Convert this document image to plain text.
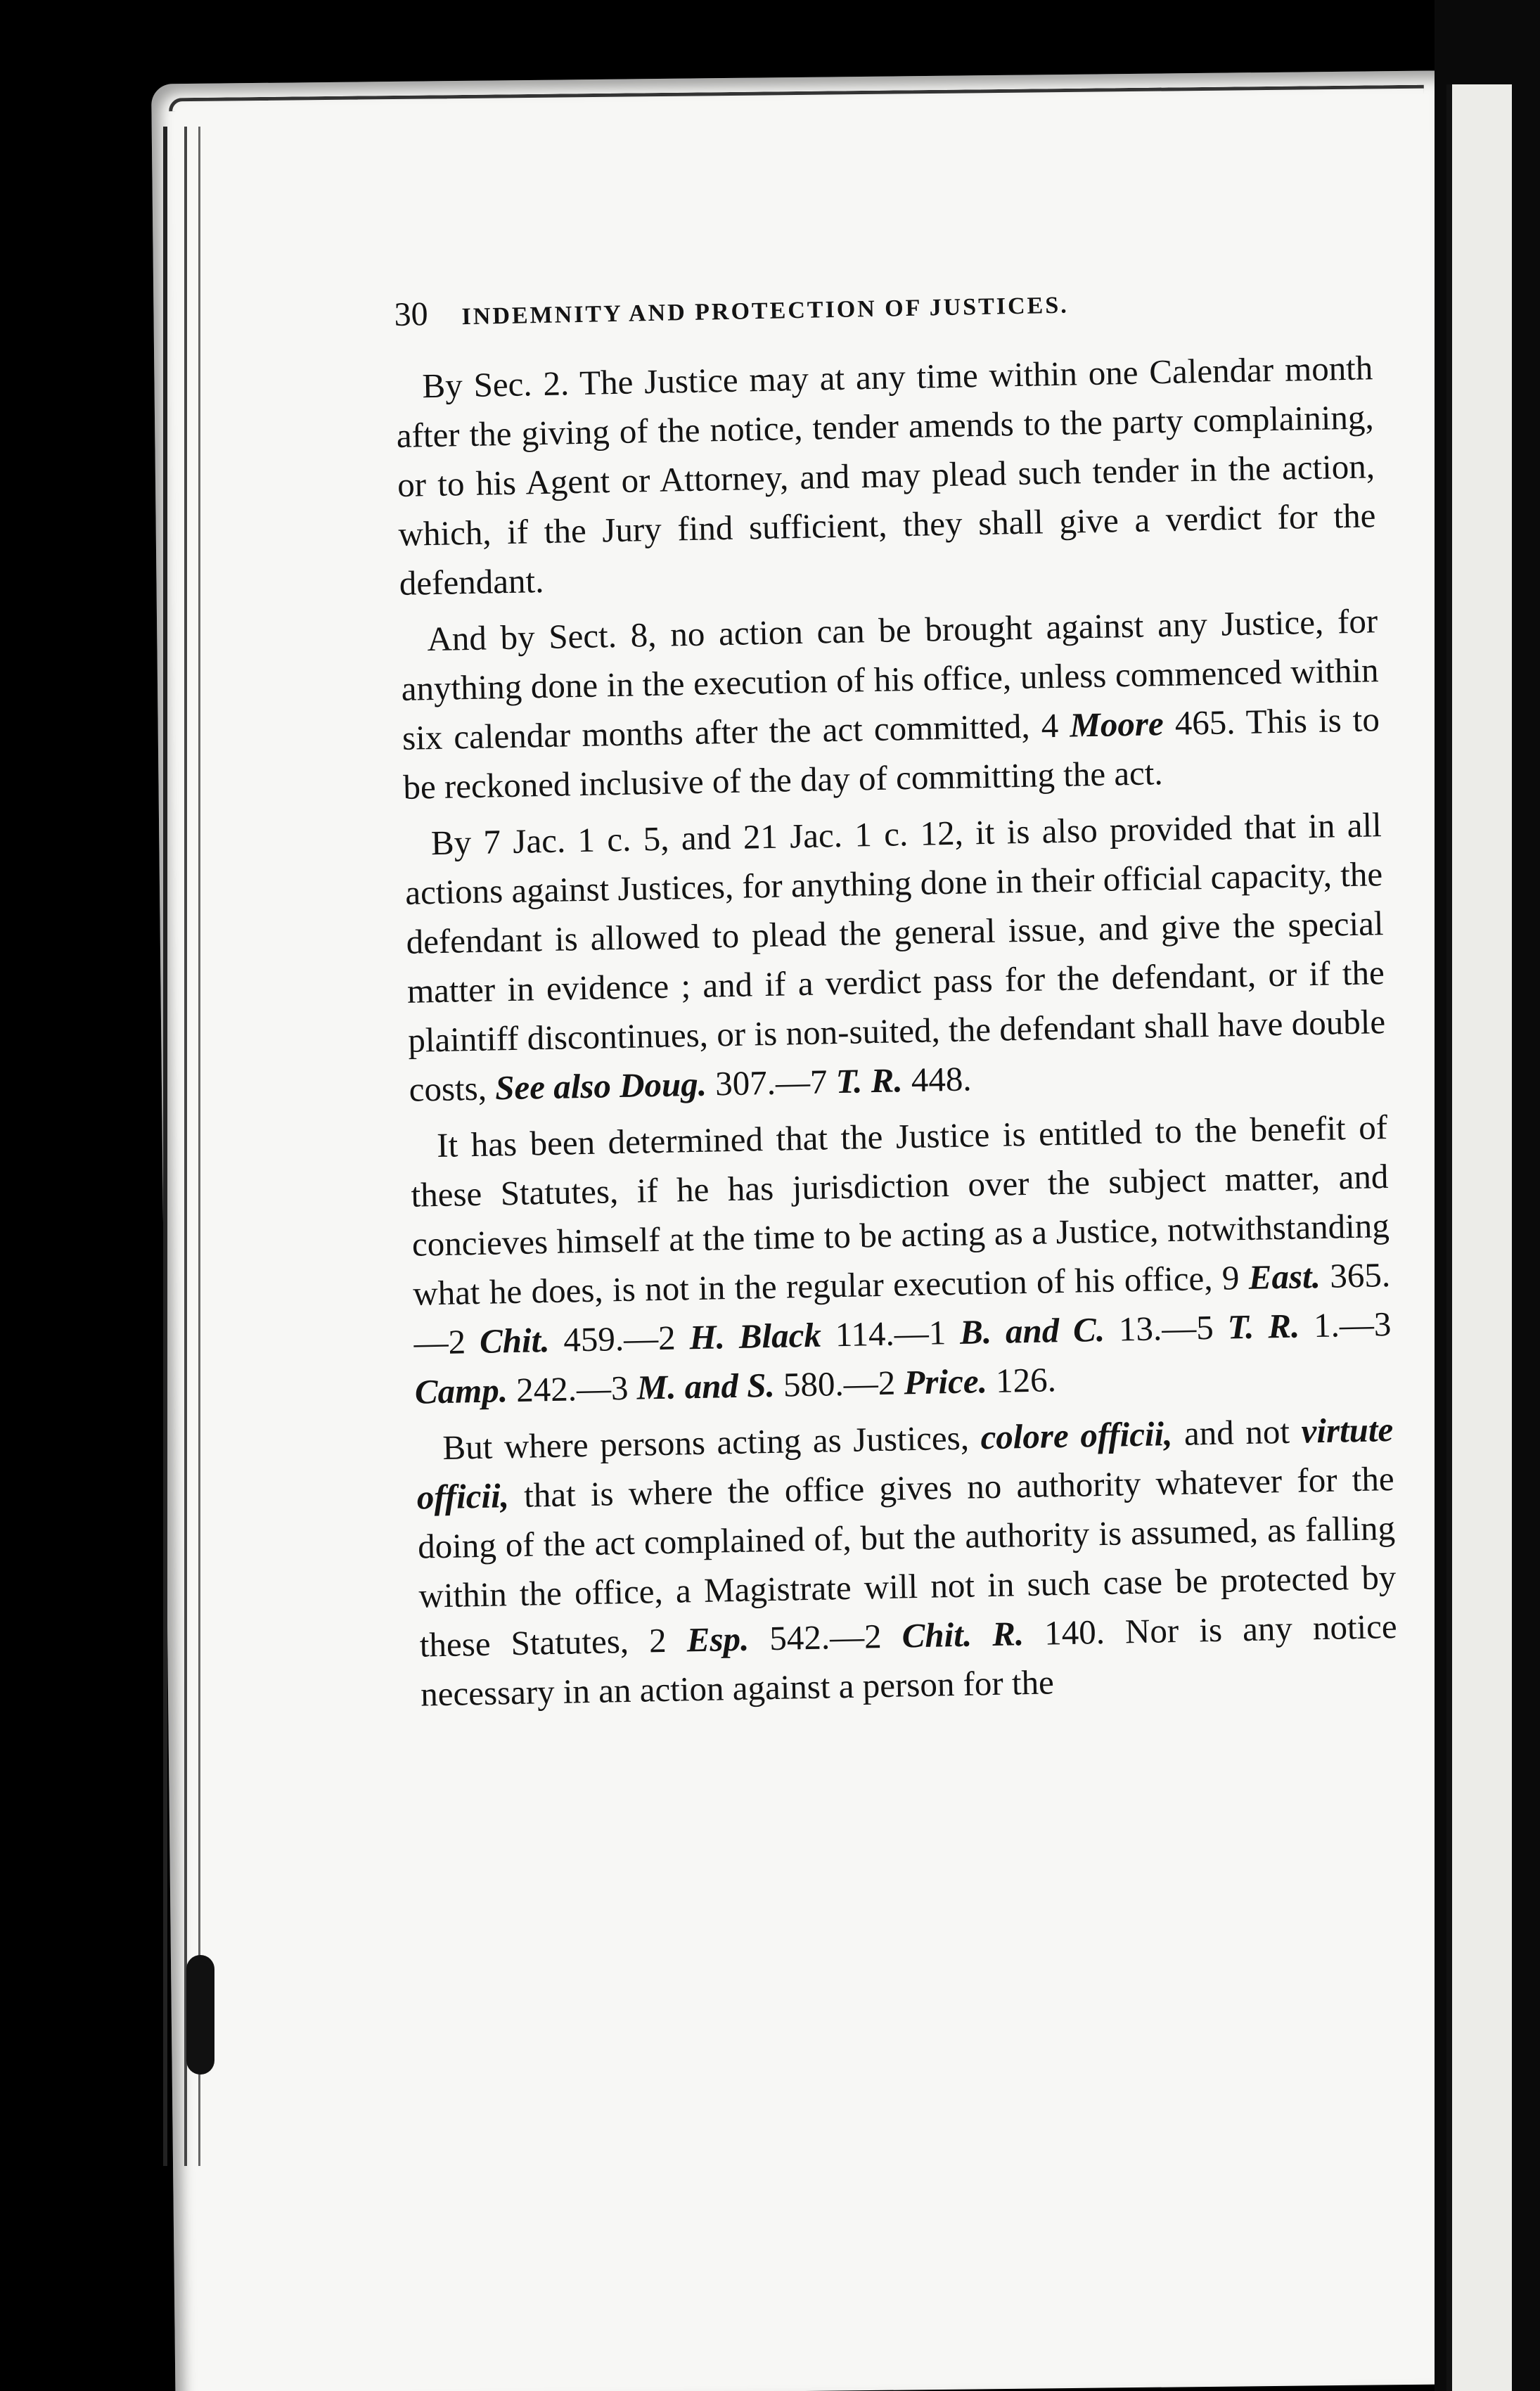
30 INDEMNITY AND PROTECTION OF JUSTICES.

By Sec. 2. The Justice may at any time within one Calendar month after the giving of the notice, tender amends to the party complaining, or to his Agent or Attorney, and may plead such tender in the action, which, if the Jury find sufficient, they shall give a verdict for the defendant.

And by Sect. 8, no action can be brought against any Justice, for anything done in the execution of his office, unless commenced within six calendar months after the act committed, 4 Moore 465. This is to be reckoned inclusive of the day of committing the act.

By 7 Jac. 1 c. 5, and 21 Jac. 1 c. 12, it is also provided that in all actions against Justices, for anything done in their official capacity, the defendant is allowed to plead the general issue, and give the special matter in evidence ; and if a verdict pass for the defendant, or if the plaintiff discontinues, or is non-suited, the defendant shall have double costs, See also Doug. 307.—7 T. R. 448.

It has been determined that the Justice is entitled to the benefit of these Statutes, if he has jurisdiction over the subject matter, and concieves himself at the time to be acting as a Justice, notwithstanding what he does, is not in the regular execution of his office, 9 East. 365.—2 Chit. 459.—2 H. Black 114.—1 B. and C. 13.—5 T. R. 1.—3 Camp. 242.—3 M. and S. 580.—2 Price. 126.

But where persons acting as Justices, colore officii, and not virtute officii, that is where the office gives no authority whatever for the doing of the act complained of, but the authority is assumed, as falling within the office, a Magistrate will not in such case be protected by these Statutes, 2 Esp. 542.—2 Chit. R. 140. Nor is any notice necessary in an action against a person for the
